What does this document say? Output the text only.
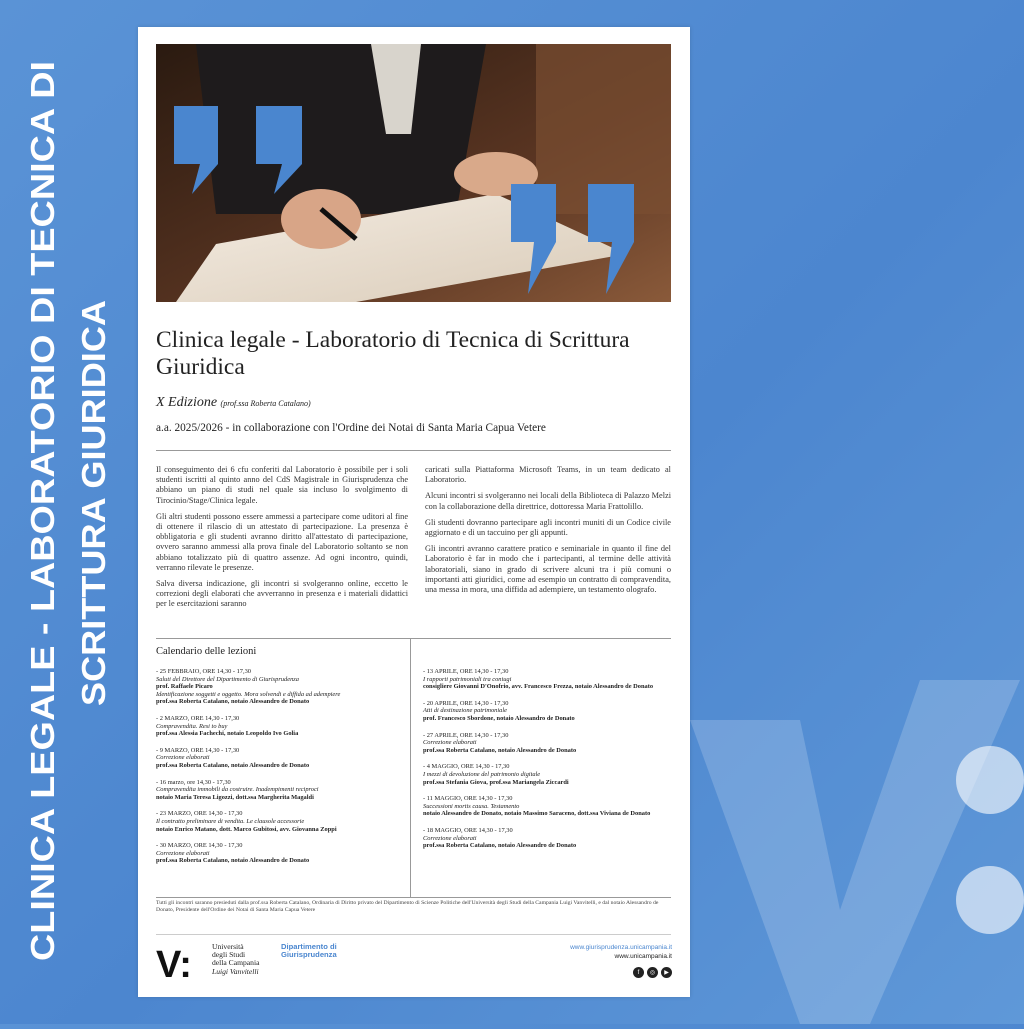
CLINICA LEGALE - LABORATORIO DI TECNICA DI SCRITTURA GIURIDICA Clinica legale - Laboratorio di Tecnica di Scrittura Giuridica
X Edizione (prof.ssa Roberta Catalano)
a.a. 2025/2026 - in collaborazione con l'Ordine dei Notai di Santa Maria Capua Vetere

Il conseguimento dei 6 cfu conferiti dal Laboratorio è possibile per i soli studenti iscritti al quinto anno del CdS Magistrale in Giurisprudenza che abbiano un piano di studi nel quale sia incluso lo svolgimento di Tirocinio/Stage/Clinica legale.

Gli altri studenti possono essere ammessi a partecipare come uditori al fine di ottenere il rilascio di un attestato di partecipazione. La presenza è obbligatoria e gli studenti avranno diritto all'attestato di partecipazione, ovvero saranno ammessi alla prova finale del Laboratorio soltanto se non abbiano totalizzato più di quattro assenze. Ad ogni incontro, quindi, verranno rilevate le presenze.

Salva diversa indicazione, gli incontri si svolgeranno online, eccetto le correzioni degli elaborati che avverranno in presenza e i materiali didattici per le esercitazioni saranno

caricati sulla Piattaforma Microsoft Teams, in un team dedicato al Laboratorio.

Alcuni incontri si svolgeranno nei locali della Biblioteca di Palazzo Melzi con la collaborazione della direttrice, dottoressa Maria Frattolillo.

Gli studenti dovranno partecipare agli incontri muniti di un Codice civile aggiornato e di un taccuino per gli appunti.

Gli incontri avranno carattere pratico e seminariale in quanto il fine del Laboratorio è far in modo che i partecipanti, al termine delle attività laboratoriali, siano in grado di scrivere alcuni tra i più comuni o importanti atti giuridici, come ad esempio un contratto di compravendita, una messa in mora, una diffida ad adempiere, un testamento olografo.

Calendario delle lezioni
- 25 FEBBRAIO, ORE 14,30 - 17,30
Saluti del Direttore del Dipartimento di Giurisprudenza
prof. Raffaele Picaro
Identificazione soggetti e oggetto. Mora solvendi e diffida ad adempiere
prof.ssa Roberta Catalano, notaio Alessandro de Donato
- 2 MARZO, ORE 14,30 - 17,30
Compravendita. Resi to buy
prof.ssa Alessia Fachechi, notaio Leopoldo Ivo Golia
- 9 MARZO, ORE 14,30 - 17,30
Correzione elaborati
prof.ssa Roberta Catalano, notaio Alessandro de Donato
- 16 marzo, ore 14,30 - 17,30
Compravendita immobili da costruire. Inadempimenti reciproci
notaio Maria Teresa Ligozzi, dott.ssa Margherita Magaldi
- 23 MARZO, ORE 14,30 - 17,30
Il contratto preliminare di vendita. Le clausole accessorie
notaio Enrico Matano, dott. Marco Gubitosi, avv. Giovanna Zoppi
- 30 MARZO, ORE 14,30 - 17,30
Correzione elaborati
prof.ssa Roberta Catalano, notaio Alessandro de Donato
- 13 APRILE, ORE 14,30 - 17,30
I rapporti patrimoniali tra coniugi
consigliere Giovanni D'Onofrio, avv. Francesco Frezza, notaio Alessandro de Donato
- 20 APRILE, ORE 14,30 - 17,30
Atti di destinazione patrimoniale
prof. Francesco Sbordone, notaio Alessandro de Donato
- 27 APRILE, ORE 14,30 - 17,30
Correzione elaborati
prof.ssa Roberta Catalano, notaio Alessandro de Donato
- 4 MAGGIO, ORE 14,30 - 17,30
I mezzi di devoluzione del patrimonio digitale
prof.ssa Stefania Giova, prof.ssa Mariangela Ziccardi
- 11 MAGGIO, ORE 14,30 - 17,30
Successioni mortis causa. Testamento
notaio Alessandro de Donato, notaio Massimo Saraceno, dott.ssa Viviana de Donato
- 18 MAGGIO, ORE 14,30 - 17,30
Correzione elaborati
prof.ssa Roberta Catalano, notaio Alessandro de Donato
Tutti gli incontri saranno presieduti dalla prof.ssa Roberta Catalano, Ordinaria di Diritto privato del Dipartimento di Scienze Politiche dell'Università degli Studi della Campania Luigi Vanvitelli, e dal notaio Alessandro de Donato, Presidente dell'Ordine dei Notai di Santa Maria Capua Vetere
V:	Università
degli Studi
della Campania
Luigi Vanvitelli
Dipartimento di
Giurisprudenza
www.giurisprudenza.unicampania.it
www.unicampania.it
f	◎	▶
